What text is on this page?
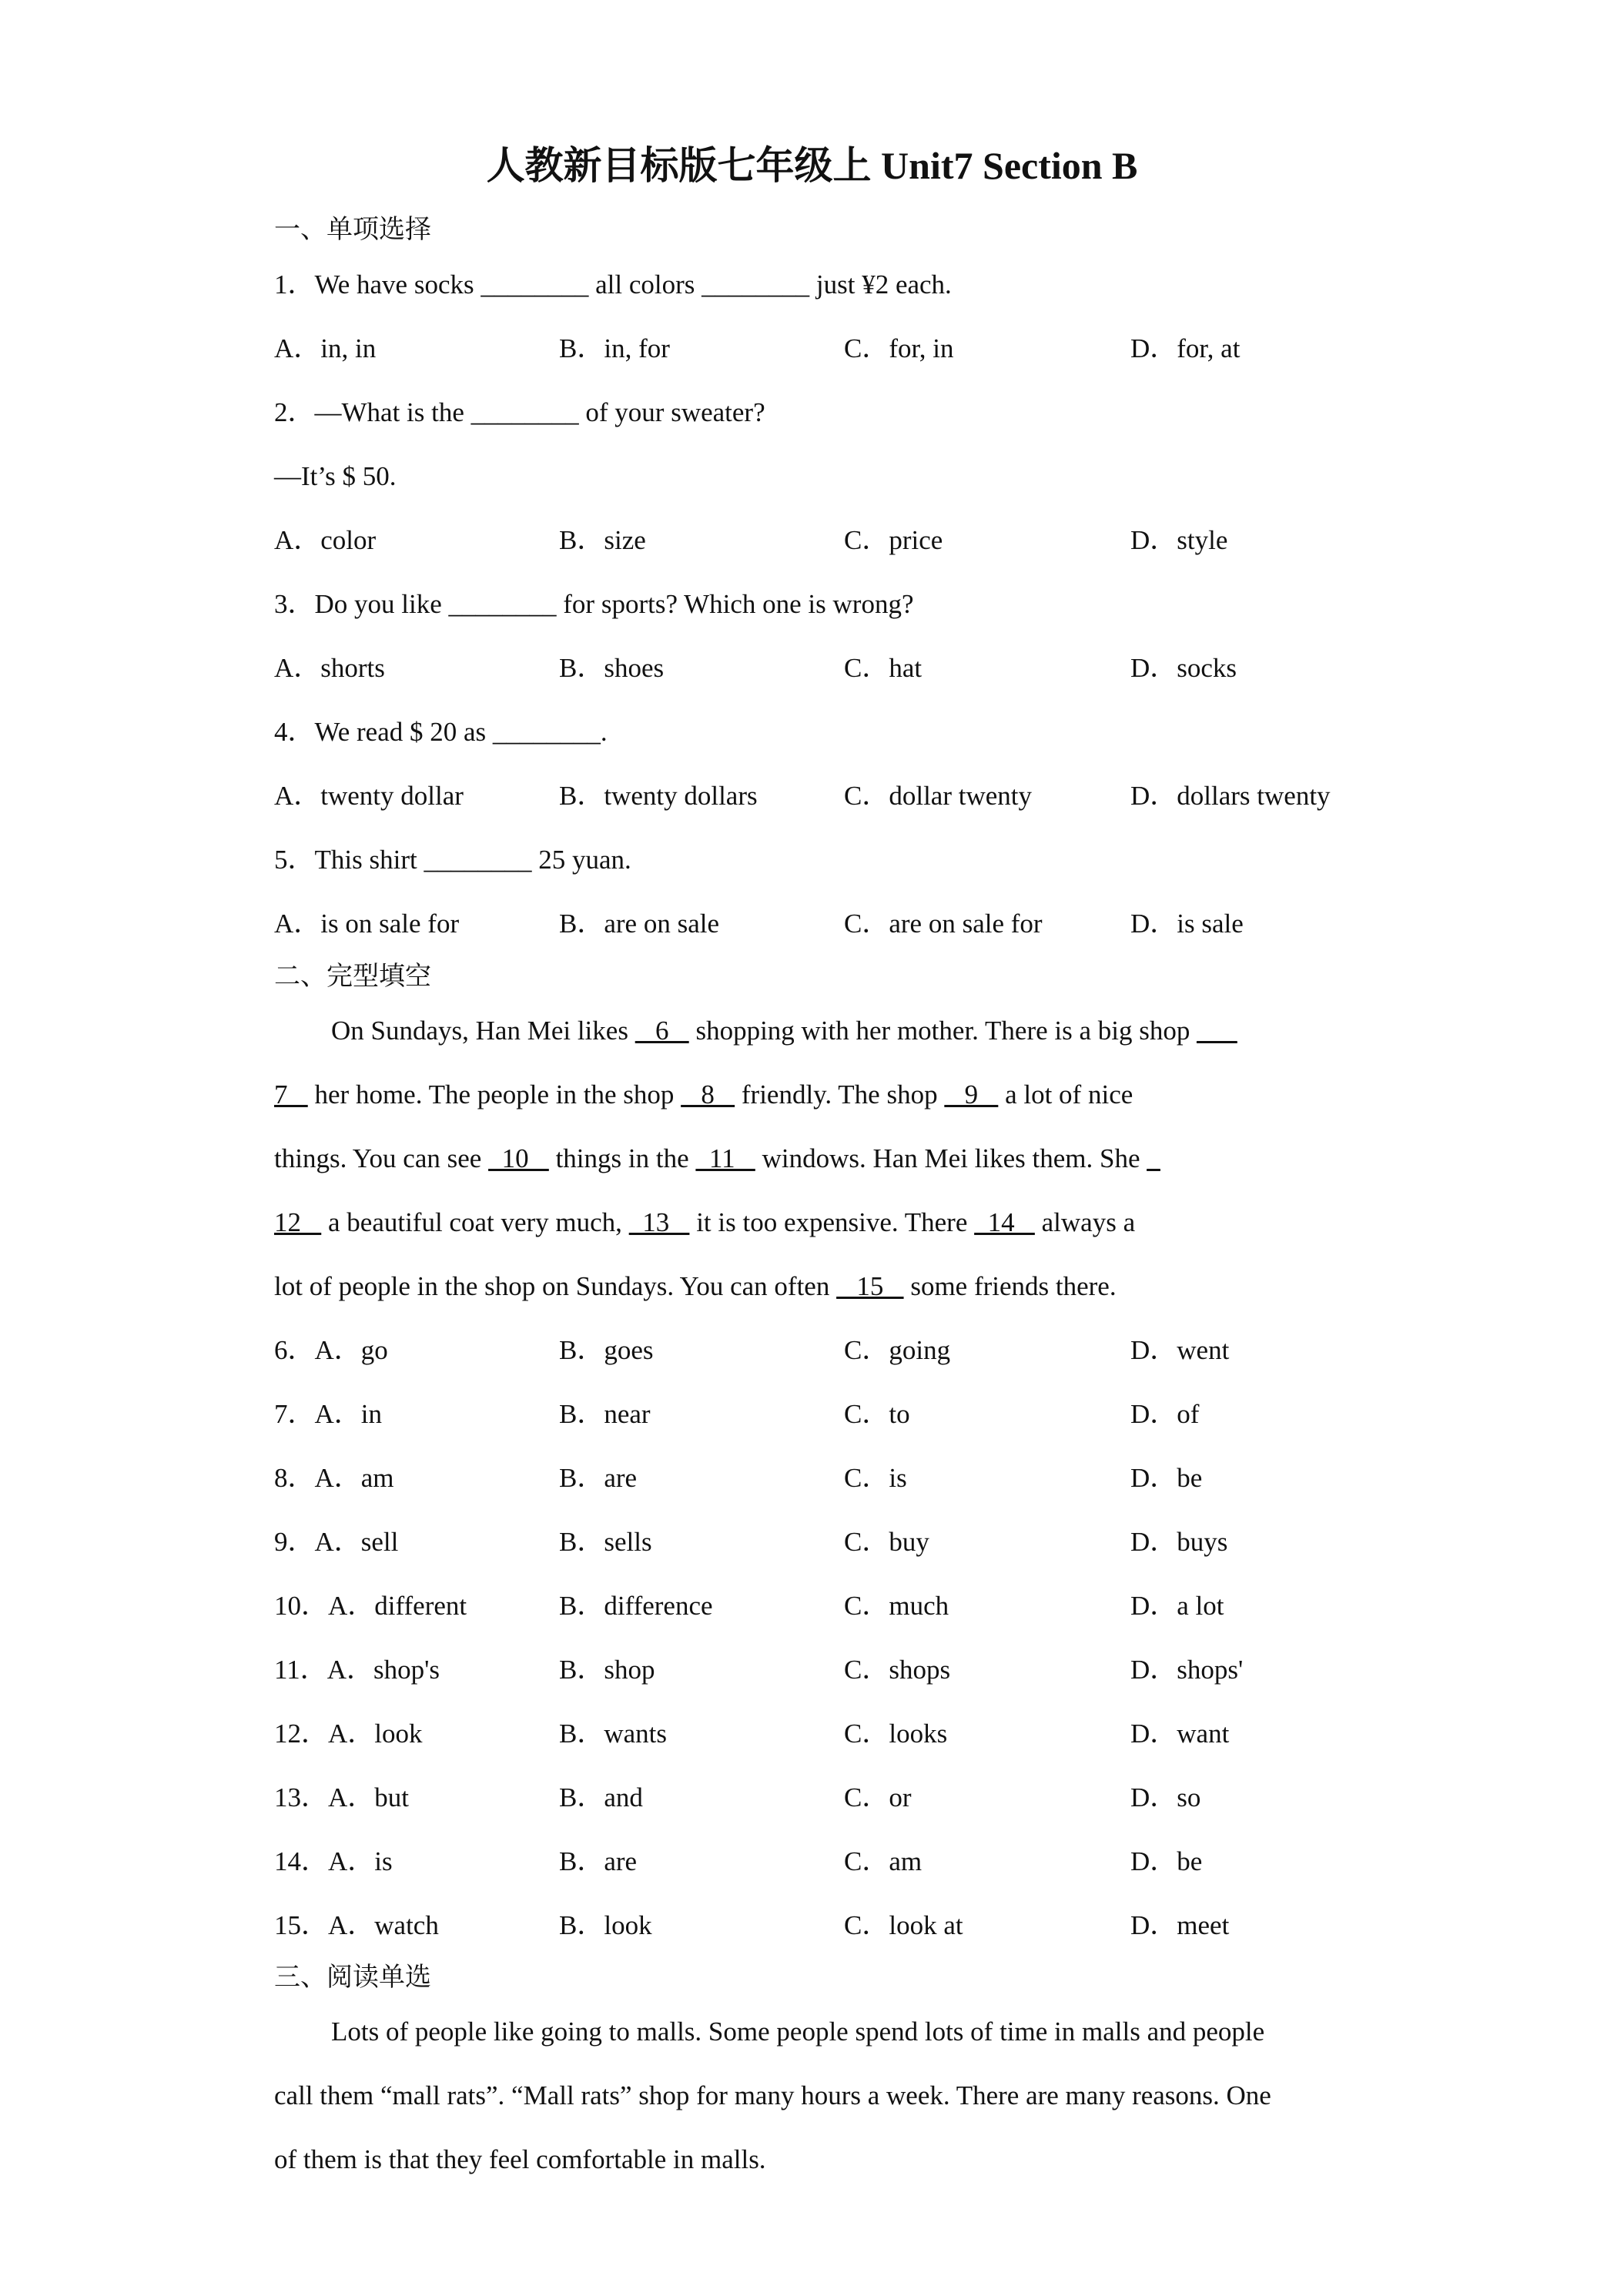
人教新目标版七年级上 Unit7 Section B
一、单项选择
1．We have socks ________ all colors ________ just ¥2 each.
A．in, in	B．in, for	C．for, in	D．for, at
2．—What is the ________ of your sweater?
—It’s $ 50.
A．color	B．size	C．price	D．style
3．Do you like ________ for sports? Which one is wrong?
A．shorts	B．shoes	C．hat	D．socks
4．We read $ 20 as ________.
A．twenty dollar	B．twenty dollars	C．dollar twenty	D．dollars twenty
5．This shirt ________ 25 yuan.
A．is on sale for	B．are on sale	C．are on sale for	D．is sale
二、完型填空
On Sundays, Han Mei likes    6    shopping with her mother. There is a big shop ___
7    her home. The people in the shop    8    friendly. The shop    9    a lot of nice
things. You can see   10    things in the   11    windows. Han Mei likes them. She _
12    a beautiful coat very much,   13    it is too expensive. There   14    always a
lot of people in the shop on Sundays. You can often    15    some friends there.
6．A．go	B．goes	C．going	D．went
7．A．in	B．near	C．to	D．of
8．A．am	B．are	C．is	D．be
9．A．sell	B．sells	C．buy	D．buys
10．A．different	B．difference	C．much	D．a lot
11．A．shop's	B．shop	C．shops	D．shops'
12．A．look	B．wants	C．looks	D．want
13．A．but	B．and	C．or	D．so
14．A．is	B．are	C．am	D．be
15．A．watch	B．look	C．look at	D．meet
三、阅读单选
Lots of people like going to malls. Some people spend lots of time in malls and people
call them “mall rats”. “Mall rats” shop for many hours a week. There are many reasons. One
of them is that they feel comfortable in malls.
